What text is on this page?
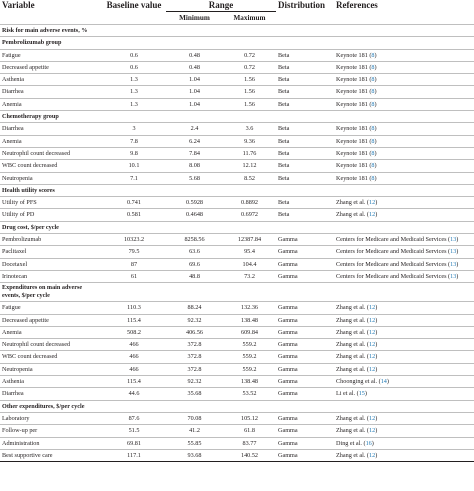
Variable	Baseline value	Range		Distribution	References
		Minimum	Maximum		
Risk for main adverse events, %					
Pembrolizumab group					
Fatigue	0.6	0.48	0.72	Beta	Keynote 181 (8)
Decreased appetite	0.6	0.48	0.72	Beta	Keynote 181 (8)
Asthenia	1.3	1.04	1.56	Beta	Keynote 181 (8)
Diarrhea	1.3	1.04	1.56	Beta	Keynote 181 (8)
Anemia	1.3	1.04	1.56	Beta	Keynote 181 (8)
Chemotherapy group					
Diarrhea	3	2.4	3.6	Beta	Keynote 181 (8)
Anemia	7.8	6.24	9.36	Beta	Keynote 181 (8)
Neutrophil count decreased	9.8	7.84	11.76	Beta	Keynote 181 (8)
WBC count decreased	10.1	8.08	12.12	Beta	Keynote 181 (8)
Neutropenia	7.1	5.68	8.52	Beta	Keynote 181 (8)
Health utility scores					
Utility of PFS	0.741	0.5928	0.8892	Beta	Zhang et al. (12)
Utility of PD	0.581	0.4648	0.6972	Beta	Zhang et al. (12)
Drug cost, $/per cycle					
Pembrolizumab	10323.2	8258.56	12387.84	Gamma	Centers for Medicare and Medicaid Services (13)
Paclitaxel	79.5	63.6	95.4	Gamma	Centers for Medicare and Medicaid Services (13)
Docetaxel	87	69.6	104.4	Gamma	Centers for Medicare and Medicaid Services (13)
Irinotecan	61	48.8	73.2	Gamma	Centers for Medicare and Medicaid Services (13)
Expenditures on main adverse
events, $/per cycle					
Fatigue	110.3	88.24	132.36	Gamma	Zhang et al. (12)
Decreased appetite	115.4	92.32	138.48	Gamma	Zhang et al. (12)
Anemia	508.2	406.56	609.84	Gamma	Zhang et al. (12)
Neutrophil count decreased	466	372.8	559.2	Gamma	Zhang et al. (12)
WBC count decreased	466	372.8	559.2	Gamma	Zhang et al. (12)
Neutropenia	466	372.8	559.2	Gamma	Zhang et al. (12)
Asthenia	115.4	92.32	138.48	Gamma	Choonging et al. (14)
Diarrhea	44.6	35.68	53.52	Gamma	Li et al. (15)
Other expenditures, $/per cycle					
Laboratory	87.6	70.08	105.12	Gamma	Zhang et al. (12)
Follow-up per	51.5	41.2	61.8	Gamma	Zhang et al. (12)
Administration	69.81	55.85	83.77	Gamma	Ding et al. (16)
Best supportive care	117.1	93.68	140.52	Gamma	Zhang et al. (12)
